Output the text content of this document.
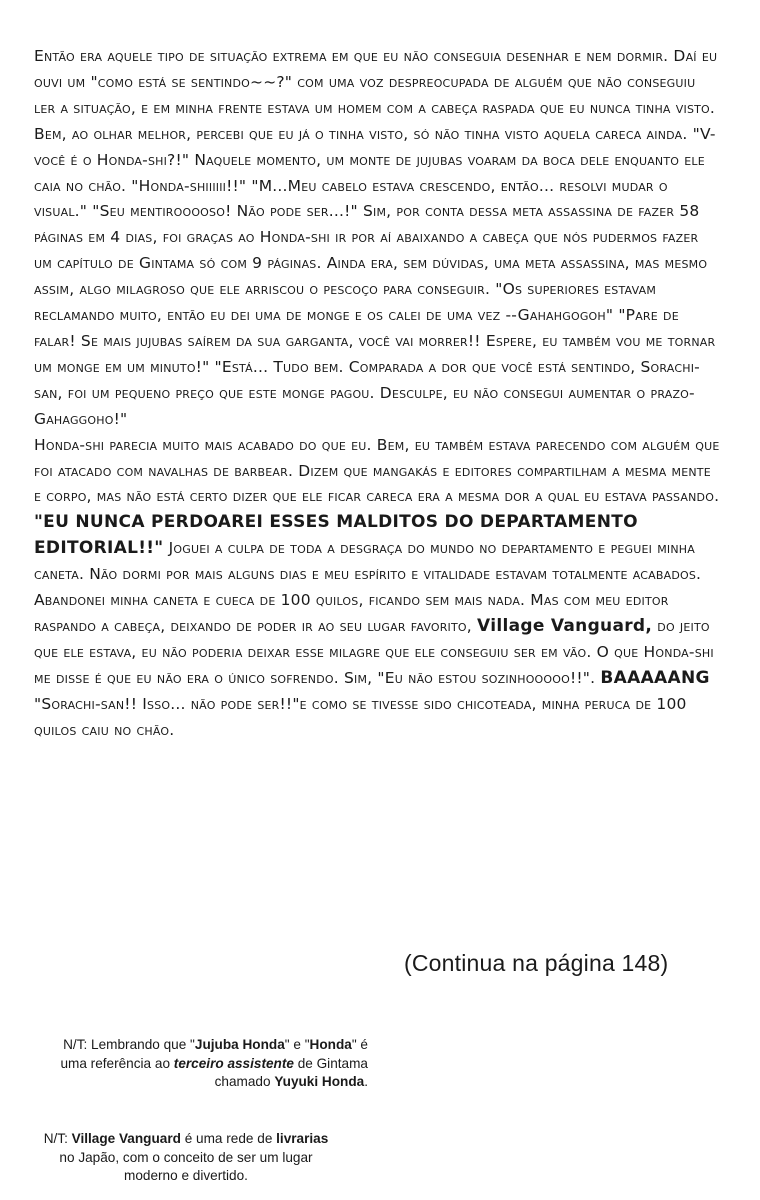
Então era aquele tipo de situação extrema em que eu não conseguia desenhar e nem dormir. Daí eu ouvi um "como está se sentindo~~?" com uma voz despreocupada de alguém que não conseguiu ler a situação, e em minha frente estava um homem com a cabeça raspada que eu nunca tinha visto. Bem, ao olhar melhor, percebi que eu já o tinha visto, só não tinha visto aquela careca ainda. "V-você é o Honda-shi?!" Naquele momento, um monte de jujubas voaram da boca dele enquanto ele caia no chão. "Honda-shiiiiii!!" "M...Meu cabelo estava crescendo, então... resolvi mudar o visual." "Seu mentirooooso! Não pode ser...!" Sim, por conta dessa meta assassina de fazer 58 páginas em 4 dias, foi graças ao Honda-shi ir por aí abaixando a cabeça que nós pudermos fazer um capítulo de Gintama só com 9 páginas. Ainda era, sem dúvidas, uma meta assassina, mas mesmo assim, algo milagroso que ele arriscou o pescoço para conseguir. "Os superiores estavam reclamando muito, então eu dei uma de monge e os calei de uma vez --Gahahgogoh" "Pare de falar! Se mais jujubas saírem da sua garganta, você vai morrer!! Espere, eu também vou me tornar um monge em um minuto!" "Está... Tudo bem. Comparada a dor que você está sentindo, Sorachi-san, foi um pequeno preço que este monge pagou. Desculpe, eu não consegui aumentar o prazo- Gahaggoho!"
Honda-shi parecia muito mais acabado do que eu. Bem, eu também estava parecendo com alguém que foi atacado com navalhas de barbear. Dizem que mangakás e editores compartilham a mesma mente e corpo, mas não está certo dizer que ele ficar careca era a mesma dor a qual eu estava passando. "EU NUNCA PERDOAREI ESSES MALDITOS DO DEPARTAMENTO EDITORIAL!!" Joguei a culpa de toda a desgraça do mundo no departamento e peguei minha caneta. Não dormi por mais alguns dias e meu espírito e vitalidade estavam totalmente acabados. Abandonei minha caneta e cueca de 100 quilos, ficando sem mais nada. Mas com meu editor raspando a cabeça, deixando de poder ir ao seu lugar favorito, Village Vanguard, do jeito que ele estava, eu não poderia deixar esse milagre que ele conseguiu ser em vão. O que Honda-shi me disse é que eu não era o único sofrendo. Sim, "Eu não estou sozinhooooo!!". BAAAAANG "Sorachi-san!! Isso... não pode ser!!"e como se tivesse sido chicoteada, minha peruca de 100 quilos caiu no chão.

(Continua na página 148)

N/T: Lembrando que "Jujuba Honda" e "Honda" é uma referência ao terceiro assistente de Gintama chamado Yuyuki Honda.

N/T: Village Vanguard é uma rede de livrarias no Japão, com o conceito de ser um lugar moderno e divertido.
